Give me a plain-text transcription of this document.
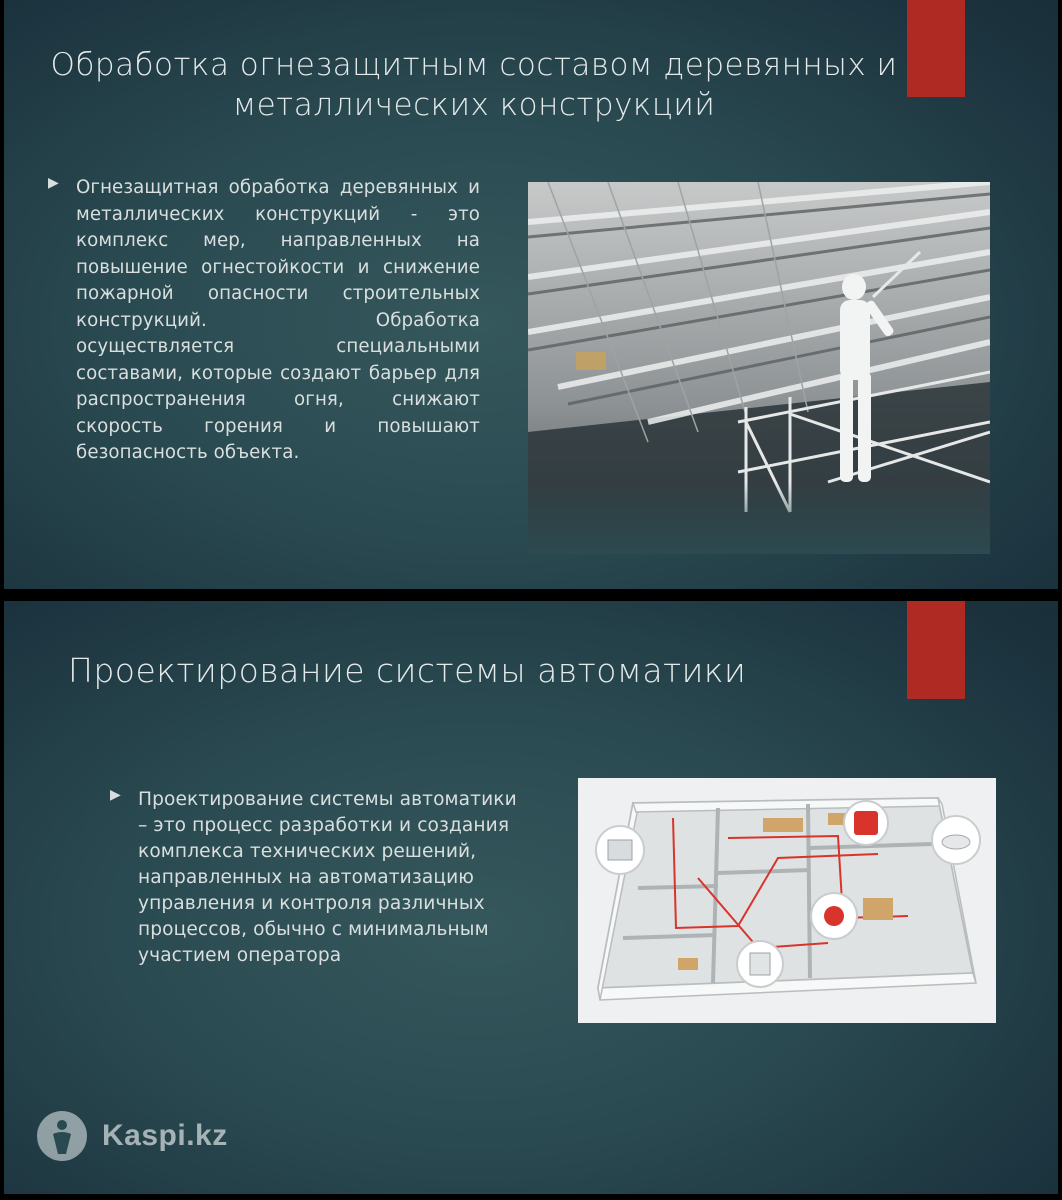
Обработка огнезащитным составом деревянных и металлических конструкций
▶ Огнезащитная обработка деревянных и металлических конструкций - это комплекс мер, направленных на повышение огнестойкости и снижение пожарной опасности строительных конструкций. Обработка осуществляется специальными составами, которые создают барьер для распространения огня, снижают скорость горения и повышают безопасность объекта.
Проектирование системы автоматики
▶ Проектирование системы автоматики – это процесс разработки и создания комплекса технических решений, направленных на автоматизацию управления и контроля различных процессов, обычно с минимальным участием оператора
Kaspi.kz
